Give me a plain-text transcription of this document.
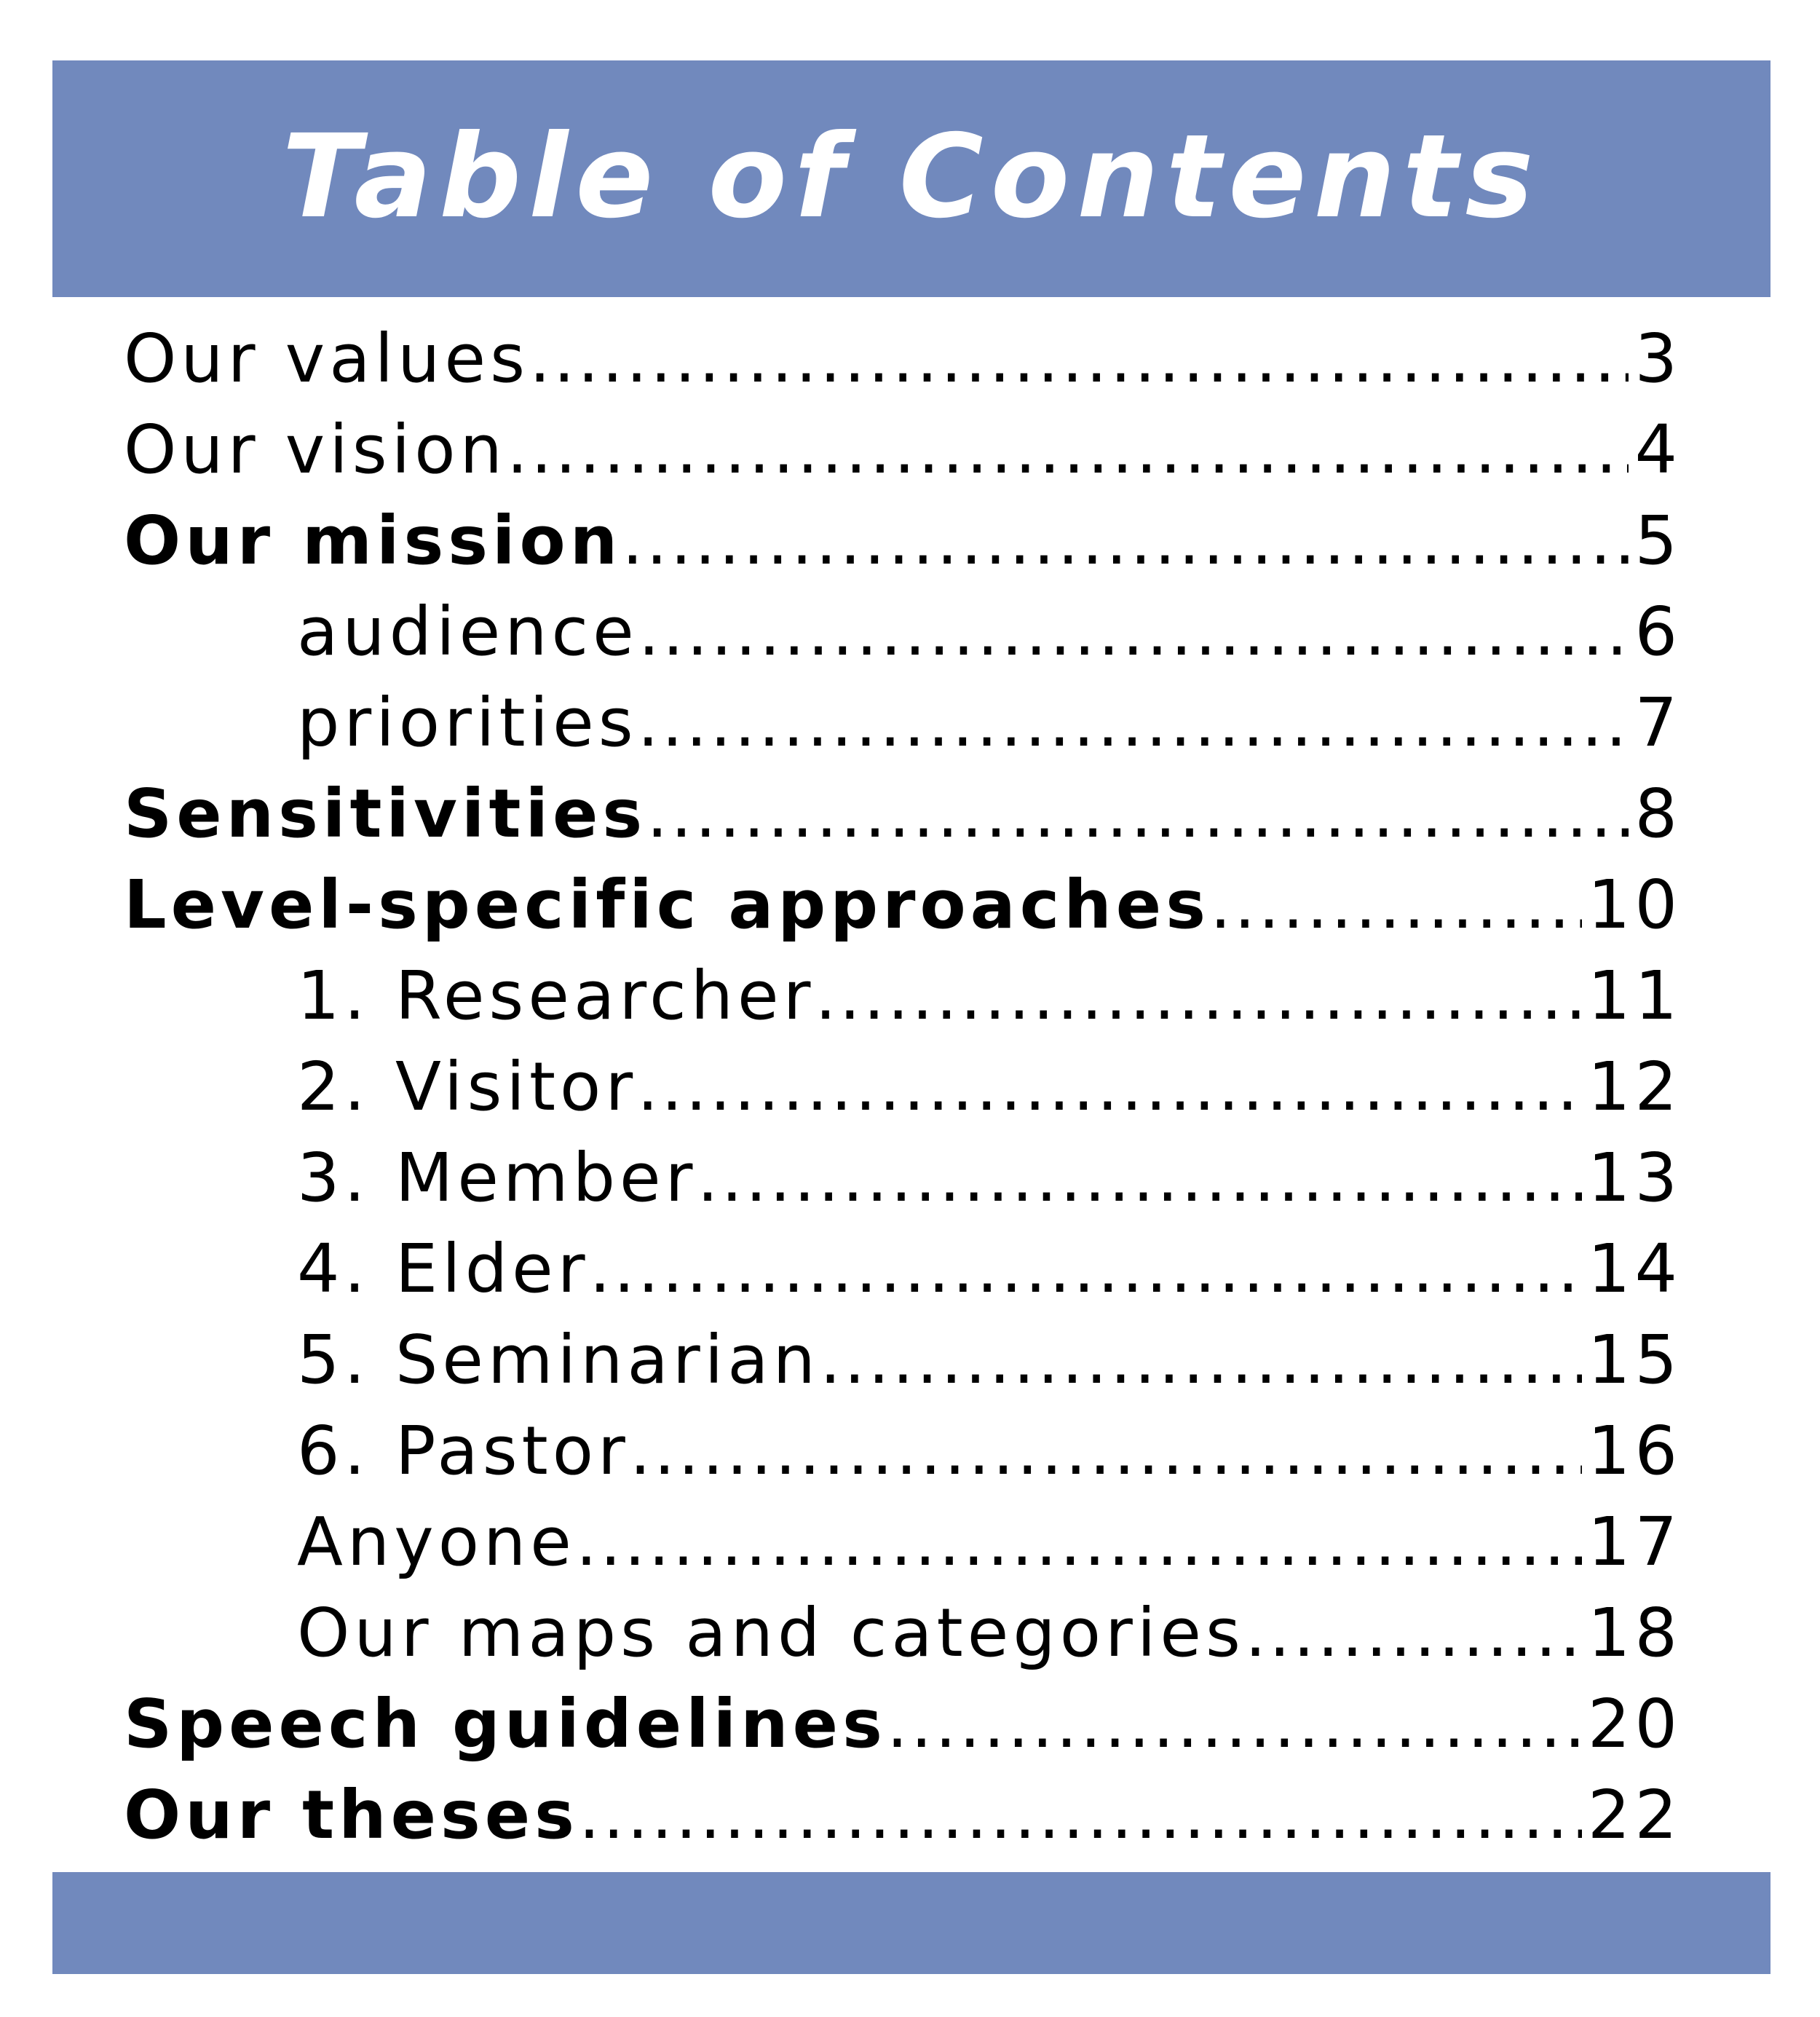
Table of Contents
Our values .....	3
Our vision .....	4
Our mission .....	5
audience .....	6
priorities .....	7
Sensitivities .....	8
Level-specific approaches .....	10
1. Researcher .....	11
2. Visitor .....	12
3. Member .....	13
4. Elder .....	14
5. Seminarian .....	15
6. Pastor .....	16
Anyone .....	17
Our maps and categories .....	18
Speech guidelines .....	20
Our theses .....	22
